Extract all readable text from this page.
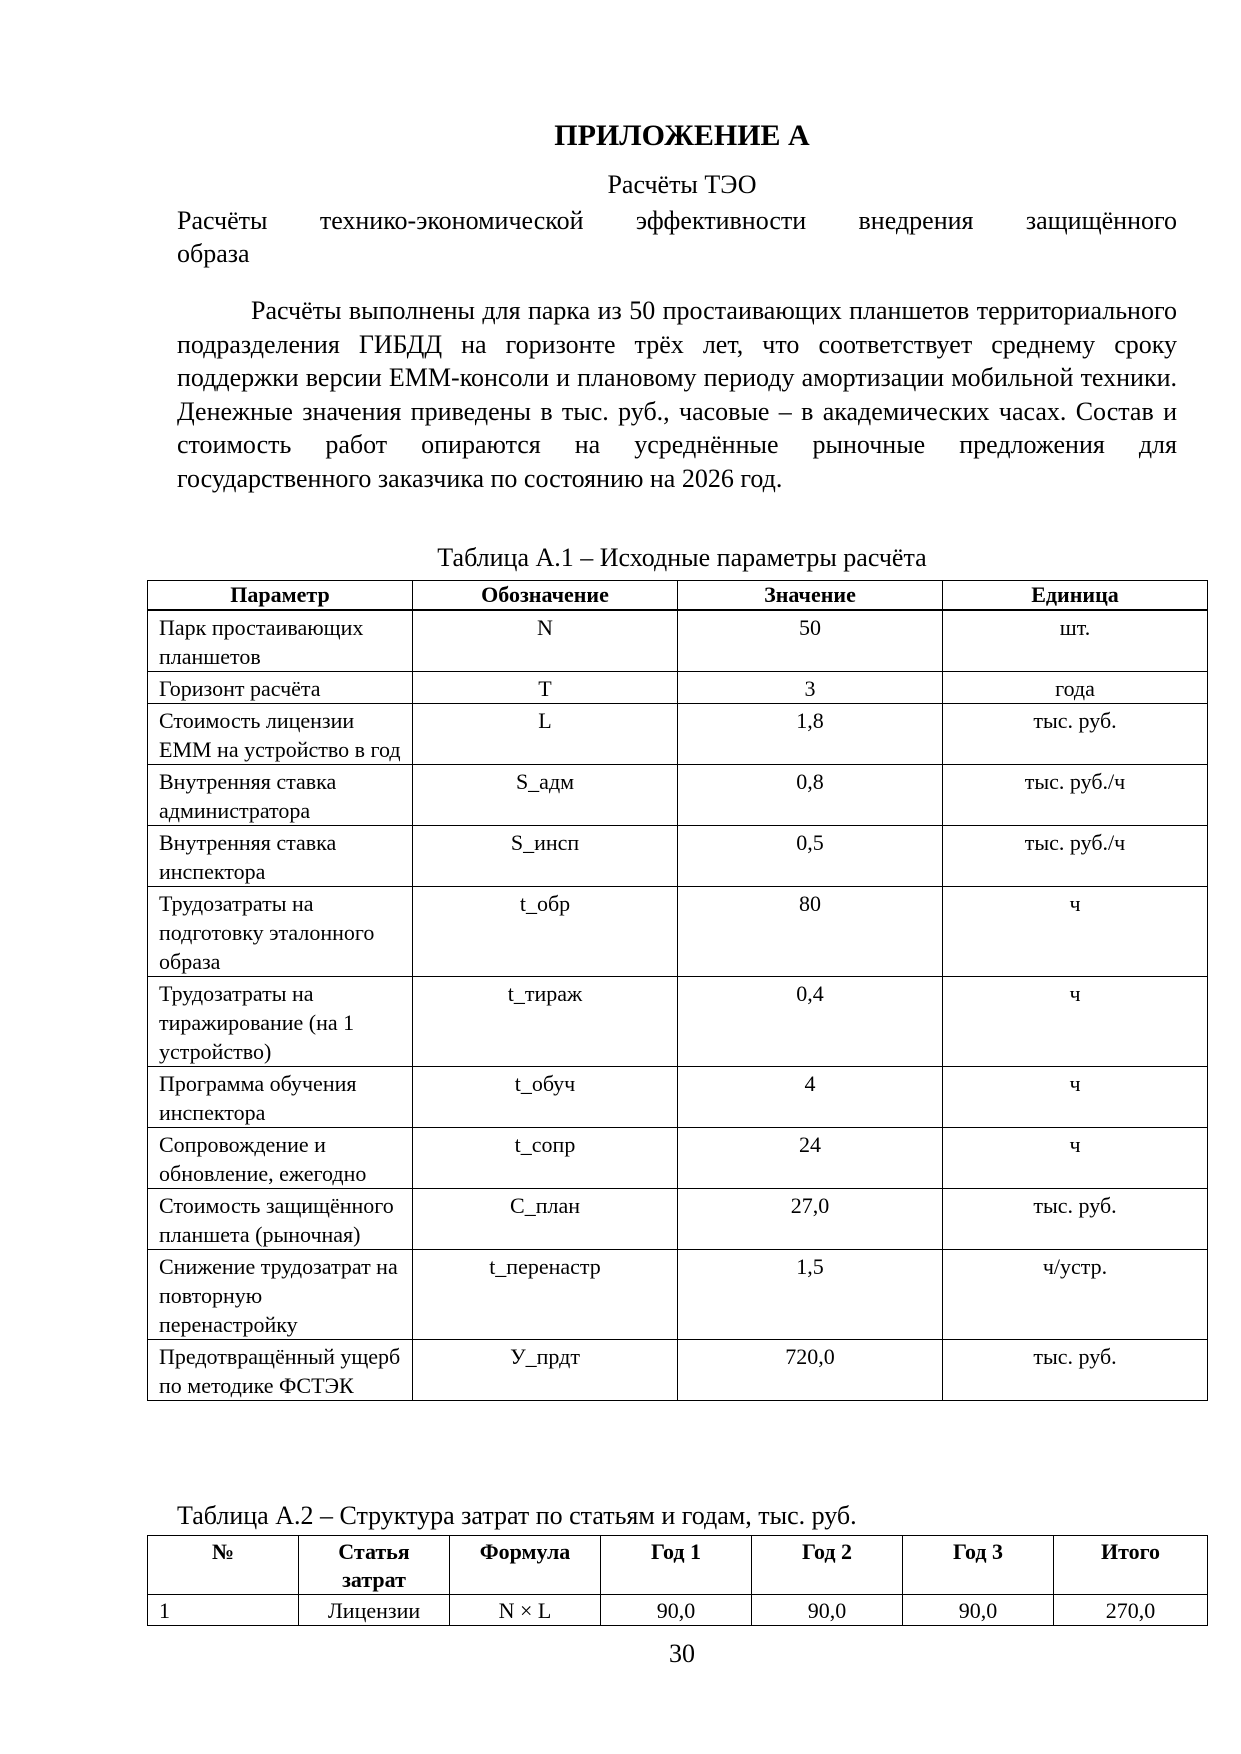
ПРИЛОЖЕНИЕ А
Расчёты ТЭО
Расчёты технико-экономической эффективности внедрения защищённого
образа
Расчёты выполнены для парка из 50 простаивающих планшетов территориального подразделения ГИБДД на горизонте трёх лет, что соответствует среднему сроку поддержки версии EMM-консоли и плановому периоду амортизации мобильной техники. Денежные значения приведены в тыс. руб., часовые – в академических часах. Состав и стоимость работ опираются на усреднённые рыночные предложения для государственного заказчика по состоянию на 2026 год.
Таблица А.1 – Исходные параметры расчёта
Параметр	Обозначение	Значение	Единица
Парк простаивающих планшетов	N	50	шт.
Горизонт расчёта	T	3	года
Стоимость лицензии EMM на устройство в год	L	1,8	тыс. руб.
Внутренняя ставка администратора	S_адм	0,8	тыс. руб./ч
Внутренняя ставка инспектора	S_инсп	0,5	тыс. руб./ч
Трудозатраты на подготовку эталонного образа	t_обр	80	ч
Трудозатраты на тиражирование (на 1 устройство)	t_тираж	0,4	ч
Программа обучения инспектора	t_обуч	4	ч
Сопровождение и обновление, ежегодно	t_сопр	24	ч
Стоимость защищённого планшета (рыночная)	C_план	27,0	тыс. руб.
Снижение трудозатрат на повторную перенастройку	t_перенастр	1,5	ч/устр.
Предотвращённый ущерб по методике ФСТЭК	У_прдт	720,0	тыс. руб.
Таблица А.2 – Структура затрат по статьям и годам, тыс. руб.
№	Статья затрат	Формула	Год 1	Год 2	Год 3	Итого
1	Лицензии	N × L	90,0	90,0	90,0	270,0
30
